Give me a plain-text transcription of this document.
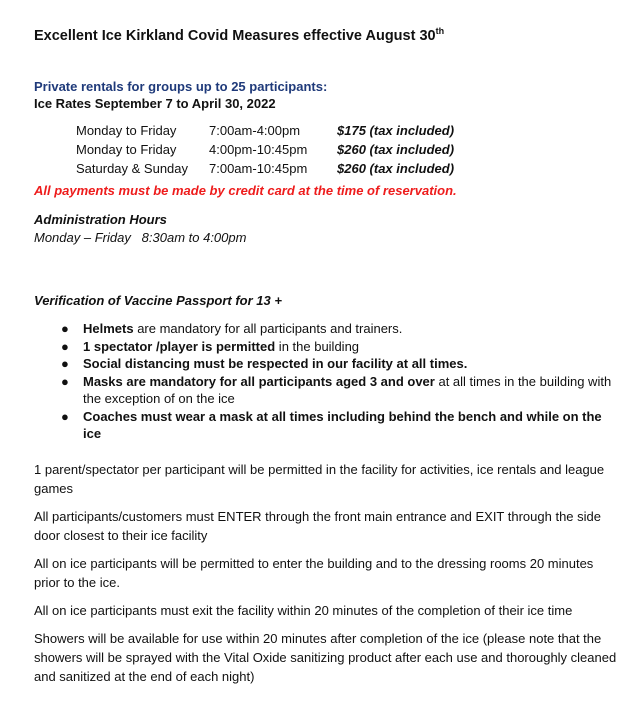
Excellent Ice Kirkland Covid Measures effective August 30th
Private rentals for groups up to 25 participants:
Ice Rates September 7 to April 30, 2022
Monday to Friday	7:00am-4:00pm	$175 (tax included)
Monday to Friday	4:00pm-10:45pm	$260 (tax included)
Saturday & Sunday	7:00am-10:45pm	$260 (tax included)
All payments must be made by credit card at the time of reservation.
Administration Hours
Monday – Friday   8:30am to 4:00pm
Verification of Vaccine Passport for 13 +
● Helmets are mandatory for all participants and trainers.
● 1 spectator /player is permitted in the building
● Social distancing must be respected in our facility at all times.
● Masks are mandatory for all participants aged 3 and over at all times in the building with the exception of on the ice
● Coaches must wear a mask at all times including behind the bench and while on the ice

1 parent/spectator per participant will be permitted in the facility for activities, ice rentals and league games

All participants/customers must ENTER through the front main entrance and EXIT through the side door closest to their ice facility

All on ice participants will be permitted to enter the building and to the dressing rooms 20 minutes prior to the ice.

All on ice participants must exit the facility within 20 minutes of the completion of their ice time

Showers will be available for use within 20 minutes after completion of the ice (please note that the showers will be sprayed with the Vital Oxide sanitizing product after each use and thoroughly cleaned and sanitized at the end of each night)
